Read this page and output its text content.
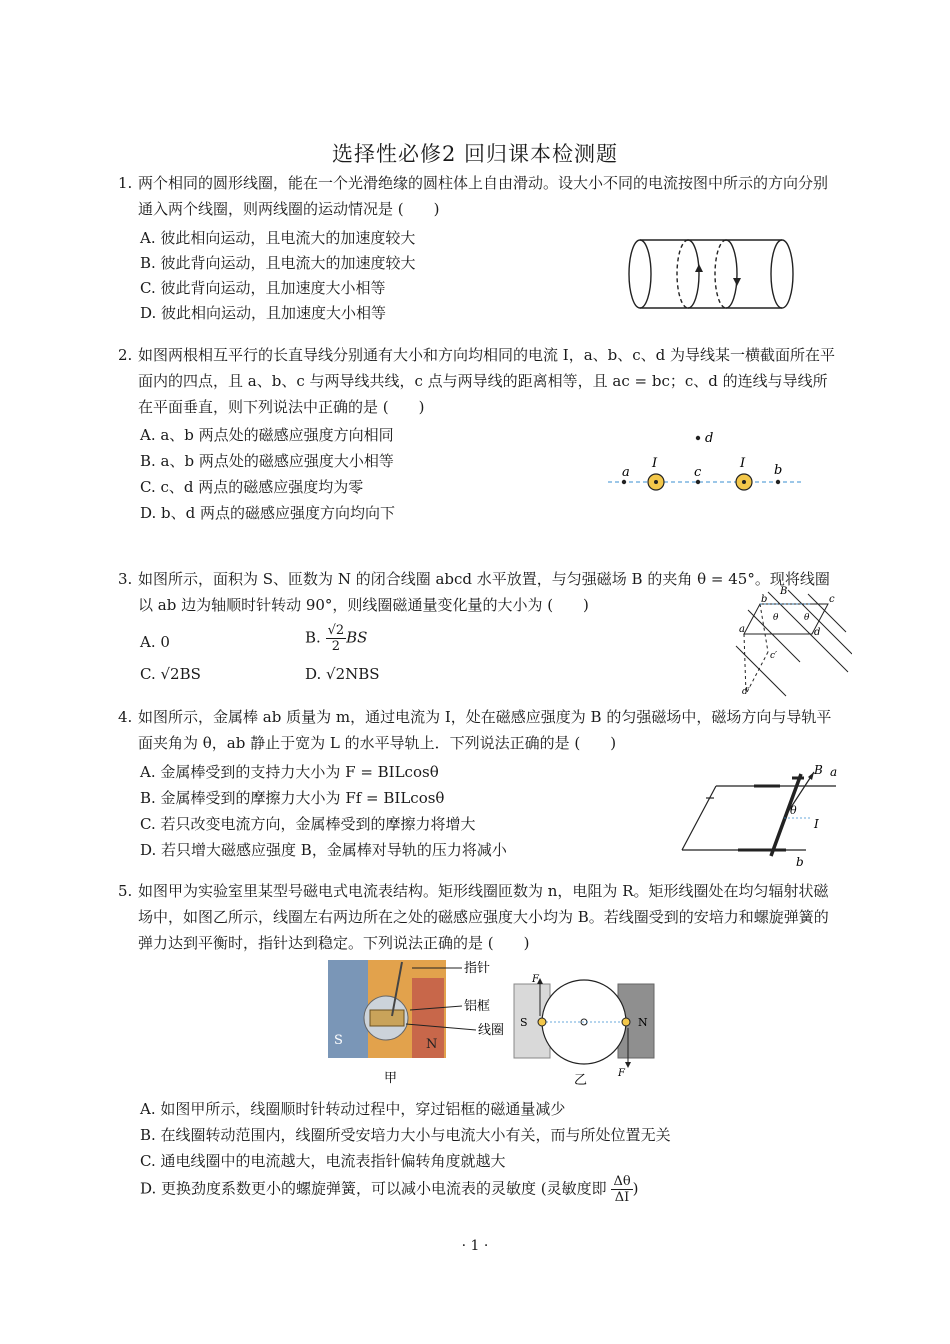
选择性必修2 回归课本检测题
1. 两个相同的圆形线圈，能在一个光滑绝缘的圆柱体上自由滑动。设大小不同的电流按图中所示的方向分别通入两个线圈，则两线圈的运动情况是 (　　)
A. 彼此相向运动，且电流大的加速度较大
B. 彼此背向运动，且电流大的加速度较大
C. 彼此背向运动，且加速度大小相等
D. 彼此相向运动，且加速度大小相等
2. 如图两根相互平行的长直导线分别通有大小和方向均相同的电流 I，a、b、c、d 为导线某一横截面所在平面内的四点，且 a、b、c 与两导线共线，c 点与两导线的距离相等，且 ac = bc；c、d 的连线与导线所在平面垂直，则下列说法中正确的是 (　　)
A. a、b 两点处的磁感应强度方向相同
B. a、b 两点处的磁感应强度大小相等
C. c、d 两点的磁感应强度均为零
D. b、d 两点的磁感应强度方向均向下
d
a
I
c
I b
3. 如图所示，面积为 S、匝数为 N 的闭合线圈 abcd 水平放置，与匀强磁场 B 的夹角 θ = 45°。现将线圈以 ab 边为轴顺时针转动 90°，则线圈磁通量变化量的大小为 (　　)
A. 0	B. $\frac{√2}{2}$ BS
C. √2BS	D. √2NBS
B
b	c
a	d
θ	θ
c′
d′
4. 如图所示，金属棒 ab 质量为 m，通过电流为 I，处在磁感应强度为 B 的匀强磁场中，磁场方向与导轨平面夹角为 θ，ab 静止于宽为 L 的水平导轨上．下列说法正确的是 (　　)
A. 金属棒受到的支持力大小为 F = BILcosθ
B. 金属棒受到的摩擦力大小为 Ff = BILcosθ
C. 若只改变电流方向，金属棒受到的摩擦力将增大
D. 若只增大磁感应强度 B，金属棒对导轨的压力将减小
B a
θ
I
b
5. 如图甲为实验室里某型号磁电式电流表结构。矩形线圈匝数为 n，电阻为 R。矩形线圈处在均匀辐射状磁场中，如图乙所示，线圈左右两边所在之处的磁感应强度大小均为 B。若线圈受到的安培力和螺旋弹簧的弹力达到平衡时，指针达到稳定。下列说法正确的是 (　　)
指针
铝框
线圈
S	N
甲
S	N
F
F
乙
A. 如图甲所示，线圈顺时针转动过程中，穿过铝框的磁通量减少
B. 在线圈转动范围内，线圈所受安培力大小与电流大小有关，而与所处位置无关
C. 通电线圈中的电流越大，电流表指针偏转角度就越大
D. 更换劲度系数更小的螺旋弹簧，可以减小电流表的灵敏度 (灵敏度即 $\frac{\Delta\theta}{\Delta I}$ )
· 1 ·
